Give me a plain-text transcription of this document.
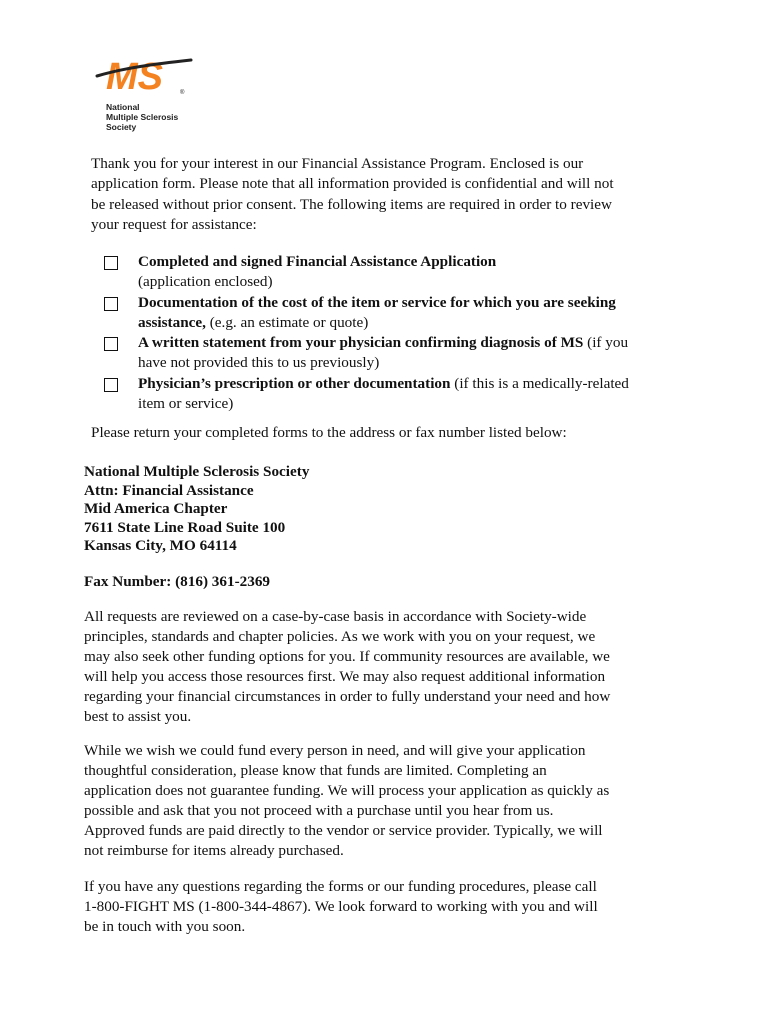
MS	®
National
Multiple Sclerosis
Society
Thank you for your interest in our Financial Assistance Program. Enclosed is our
application form. Please note that all information provided is confidential and will not
be released without prior consent. The following items are required in order to review
your request for assistance:
Completed and signed Financial Assistance Application
(application enclosed)
Documentation of the cost of the item or service for which you are seeking
assistance, (e.g. an estimate or quote)
A written statement from your physician confirming diagnosis of MS (if you
have not provided this to us previously)
Physician’s prescription or other documentation (if this is a medically-related
item or service)

Please return your completed forms to the address or fax number listed below:

National Multiple Sclerosis Society
Attn: Financial Assistance
Mid America Chapter
7611 State Line Road Suite 100
Kansas City, MO 64114

Fax Number: (816) 361-2369

All requests are reviewed on a case-by-case basis in accordance with Society-wide
principles, standards and chapter policies. As we work with you on your request, we
may also seek other funding options for you. If community resources are available, we
will help you access those resources first. We may also request additional information
regarding your financial circumstances in order to fully understand your need and how
best to assist you.
While we wish we could fund every person in need, and will give your application
thoughtful consideration, please know that funds are limited. Completing an
application does not guarantee funding. We will process your application as quickly as
possible and ask that you not proceed with a purchase until you hear from us.
Approved funds are paid directly to the vendor or service provider. Typically, we will
not reimburse for items already purchased.
If you have any questions regarding the forms or our funding procedures, please call
1-800-FIGHT MS (1-800-344-4867). We look forward to working with you and will
be in touch with you soon.
